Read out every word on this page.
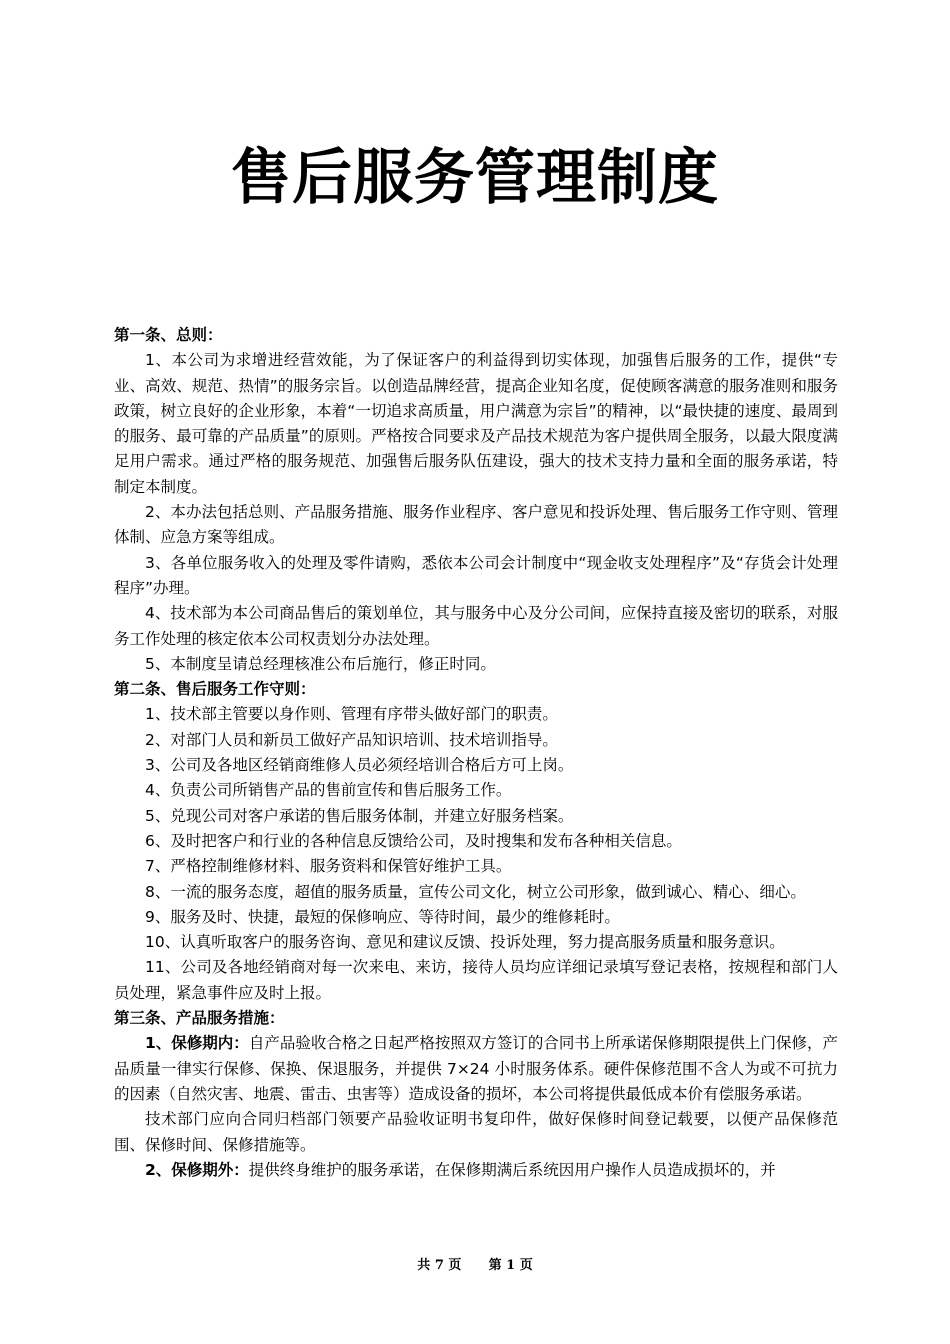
售后服务管理制度

第一条、总则：

1、本公司为求增进经营效能，为了保证客户的利益得到切实体现，加强售后服务的工作，提供“专业、高效、规范、热情”的服务宗旨。以创造品牌经营，提高企业知名度，促使顾客满意的服务准则和服务政策，树立良好的企业形象，本着“一切追求高质量，用户满意为宗旨”的精神，以“最快捷的速度、最周到的服务、最可靠的产品质量”的原则。严格按合同要求及产品技术规范为客户提供周全服务，以最大限度满足用户需求。通过严格的服务规范、加强售后服务队伍建设，强大的技术支持力量和全面的服务承诺，特制定本制度。

2、本办法包括总则、产品服务措施、服务作业程序、客户意见和投诉处理、售后服务工作守则、管理体制、应急方案等组成。

3、各单位服务收入的处理及零件请购，悉依本公司会计制度中“现金收支处理程序”及“存货会计处理程序”办理。

4、技术部为本公司商品售后的策划单位，其与服务中心及分公司间，应保持直接及密切的联系，对服务工作处理的核定依本公司权责划分办法处理。

5、本制度呈请总经理核准公布后施行，修正时同。

第二条、售后服务工作守则：

1、技术部主管要以身作则、管理有序带头做好部门的职责。

2、对部门人员和新员工做好产品知识培训、技术培训指导。

3、公司及各地区经销商维修人员必须经培训合格后方可上岗。

4、负责公司所销售产品的售前宣传和售后服务工作。

5、兑现公司对客户承诺的售后服务体制，并建立好服务档案。

6、及时把客户和行业的各种信息反馈给公司，及时搜集和发布各种相关信息。

7、严格控制维修材料、服务资料和保管好维护工具。

8、一流的服务态度，超值的服务质量，宣传公司文化，树立公司形象，做到诚心、精心、细心。

9、服务及时、快捷，最短的保修响应、等待时间，最少的维修耗时。

10、认真听取客户的服务咨询、意见和建议反馈、投诉处理，努力提高服务质量和服务意识。

11、公司及各地经销商对每一次来电、来访，接待人员均应详细记录填写登记表格，按规程和部门人员处理，紧急事件应及时上报。

第三条、产品服务措施：

1、保修期内：自产品验收合格之日起严格按照双方签订的合同书上所承诺保修期限提供上门保修，产品质量一律实行保修、保换、保退服务，并提供 7×24 小时服务体系。硬件保修范围不含人为或不可抗力的因素（自然灾害、地震、雷击、虫害等）造成设备的损坏，本公司将提供最低成本价有偿服务承诺。

技术部门应向合同归档部门领要产品验收证明书复印件，做好保修时间登记载要，以便产品保修范围、保修时间、保修措施等。

2、保修期外：提供终身维护的服务承诺，在保修期满后系统因用户操作人员造成损坏的，并

共 7 页 第 1 页
